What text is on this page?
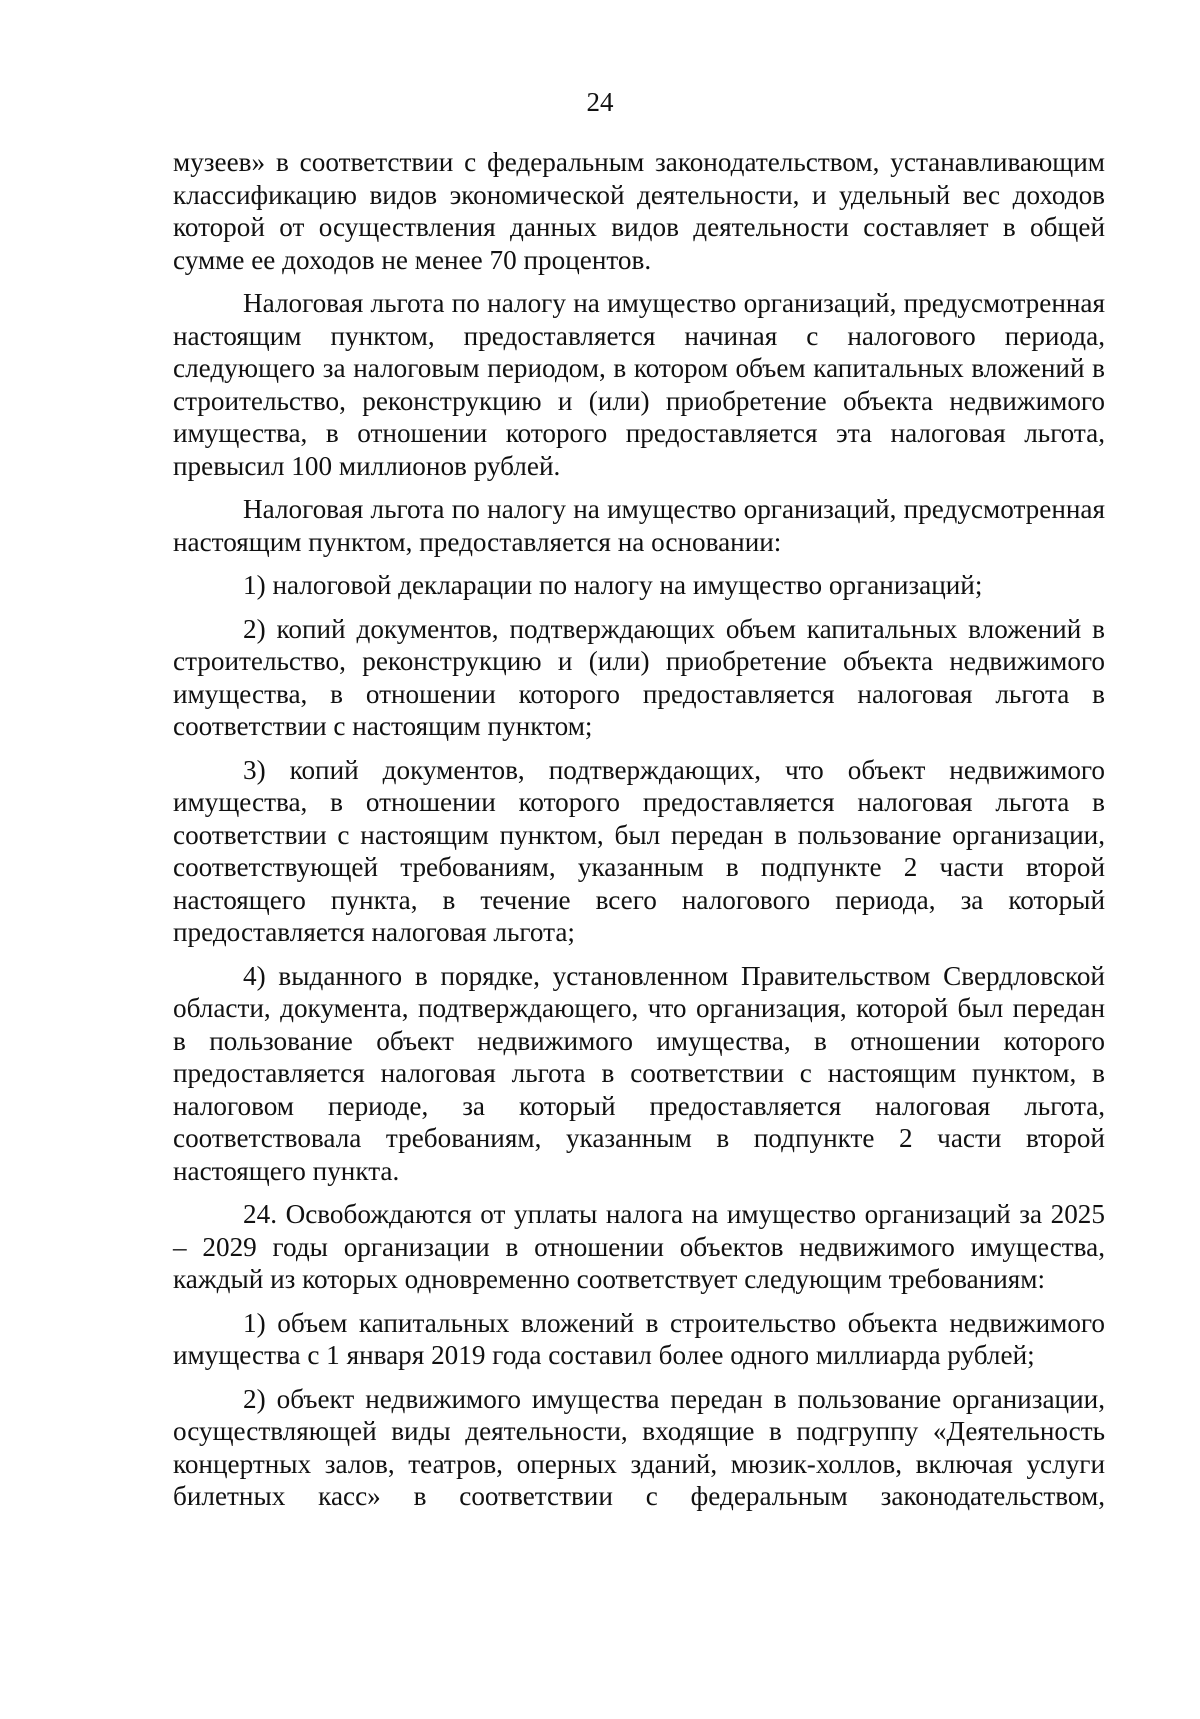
24

музеев» в соответствии с федеральным законодательством, устанавливающим классификацию видов экономической деятельности, и удельный вес доходов которой от осуществления данных видов деятельности составляет в общей сумме ее доходов не менее 70 процентов.

Налоговая льгота по налогу на имущество организаций, предусмотренная настоящим пунктом, предоставляется начиная с налогового периода, следующего за налоговым периодом, в котором объем капитальных вложений в строительство, реконструкцию и (или) приобретение объекта недвижимого имущества, в отношении которого предоставляется эта налоговая льгота, превысил 100 миллионов рублей.

Налоговая льгота по налогу на имущество организаций, предусмотренная настоящим пунктом, предоставляется на основании:

1) налоговой декларации по налогу на имущество организаций;

2) копий документов, подтверждающих объем капитальных вложений в строительство, реконструкцию и (или) приобретение объекта недвижимого имущества, в отношении которого предоставляется налоговая льгота в соответствии с настоящим пунктом;

3) копий документов, подтверждающих, что объект недвижимого имущества, в отношении которого предоставляется налоговая льгота в соответствии с настоящим пунктом, был передан в пользование организации, соответствующей требованиям, указанным в подпункте 2 части второй настоящего пункта, в течение всего налогового периода, за который предоставляется налоговая льгота;

4) выданного в порядке, установленном Правительством Свердловской области, документа, подтверждающего, что организация, которой был передан в пользование объект недвижимого имущества, в отношении которого предоставляется налоговая льгота в соответствии с настоящим пунктом, в налоговом периоде, за который предоставляется налоговая льгота, соответствовала требованиям, указанным в подпункте 2 части второй настоящего пункта.

24. Освобождаются от уплаты налога на имущество организаций за 2025 – 2029 годы организации в отношении объектов недвижимого имущества, каждый из которых одновременно соответствует следующим требованиям:

1) объем капитальных вложений в строительство объекта недвижимого имущества с 1 января 2019 года составил более одного миллиарда рублей;

2) объект недвижимого имущества передан в пользование организации, осуществляющей виды деятельности, входящие в подгруппу «Деятельность концертных залов, театров, оперных зданий, мюзик-холлов, включая услуги билетных касс» в соответствии с федеральным законодательством,
